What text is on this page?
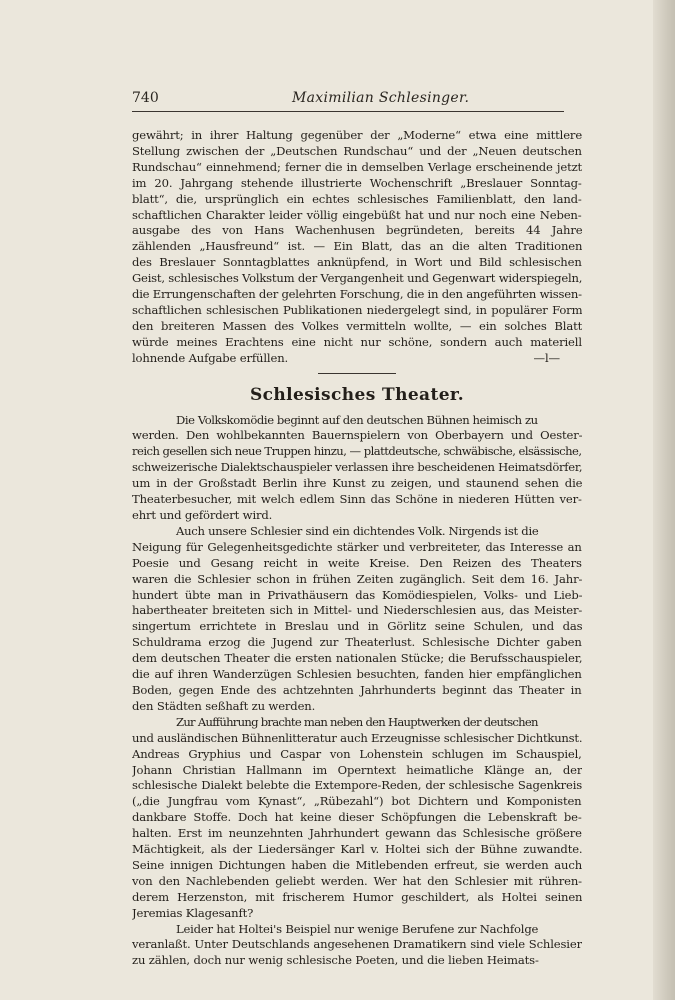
740	Maximilian Schlesinger.
gewährt; in ihrer Haltung gegenüber der „Moderne“ etwa eine mittlere
Stellung zwischen der „Deutschen Rundschau“ und der „Neuen deutschen
Rundschau“ einnehmend; ferner die in demselben Verlage erscheinende jetzt
im 20. Jahrgang stehende illustrierte Wochenschrift „Breslauer Sonntag-
blatt“, die, ursprünglich ein echtes schlesisches Familienblatt, den land-
schaftlichen Charakter leider völlig eingebüßt hat und nur noch eine Neben-
ausgabe des von Hans Wachenhusen begründeten, bereits 44 Jahre
zählenden „Hausfreund“ ist. — Ein Blatt, das an die alten Traditionen
des Breslauer Sonntagblattes anknüpfend, in Wort und Bild schlesischen
Geist, schlesisches Volkstum der Vergangenheit und Gegenwart widerspiegeln,
die Errungenschaften der gelehrten Forschung, die in den angeführten wissen-
schaftlichen schlesischen Publikationen niedergelegt sind, in populärer Form
den breiteren Massen des Volkes vermitteln wollte, — ein solches Blatt
würde meines Erachtens eine nicht nur schöne, sondern auch materiell
lohnende Aufgabe erfüllen.	—l—
Schlesisches Theater.

Die Volkskomödie beginnt auf den deutschen Bühnen heimisch zu
werden. Den wohlbekannten Bauernspielern von Oberbayern und Oester-
reich gesellen sich neue Truppen hinzu, — plattdeutsche, schwäbische, elsässische,
schweizerische Dialektschauspieler verlassen ihre bescheidenen Heimatsdörfer,
um in der Großstadt Berlin ihre Kunst zu zeigen, und staunend sehen die
Theaterbesucher, mit welch edlem Sinn das Schöne in niederen Hütten ver-
ehrt und gefördert wird.

Auch unsere Schlesier sind ein dichtendes Volk. Nirgends ist die
Neigung für Gelegenheitsgedichte stärker und verbreiteter, das Interesse an
Poesie und Gesang reicht in weite Kreise. Den Reizen des Theaters
waren die Schlesier schon in frühen Zeiten zugänglich. Seit dem 16. Jahr-
hundert übte man in Privathäusern das Komödiespielen, Volks- und Lieb-
habertheater breiteten sich in Mittel- und Niederschlesien aus, das Meister-
singertum errichtete in Breslau und in Görlitz seine Schulen, und das
Schuldrama erzog die Jugend zur Theaterlust. Schlesische Dichter gaben
dem deutschen Theater die ersten nationalen Stücke; die Berufsschauspieler,
die auf ihren Wanderzügen Schlesien besuchten, fanden hier empfänglichen
Boden, gegen Ende des achtzehnten Jahrhunderts beginnt das Theater in
den Städten seßhaft zu werden.

Zur Aufführung brachte man neben den Hauptwerken der deutschen
und ausländischen Bühnenlitteratur auch Erzeugnisse schlesischer Dichtkunst.
Andreas Gryphius und Caspar von Lohenstein schlugen im Schauspiel,
Johann Christian Hallmann im Operntext heimatliche Klänge an, der
schlesische Dialekt belebte die Extempore-Reden, der schlesische Sagenkreis
(„die Jungfrau vom Kynast“, „Rübezahl“) bot Dichtern und Komponisten
dankbare Stoffe. Doch hat keine dieser Schöpfungen die Lebenskraft be-
halten. Erst im neunzehnten Jahrhundert gewann das Schlesische größere
Mächtigkeit, als der Liedersänger Karl v. Holtei sich der Bühne zuwandte.
Seine innigen Dichtungen haben die Mitlebenden erfreut, sie werden auch
von den Nachlebenden geliebt werden. Wer hat den Schlesier mit rühren-
derem Herzenston, mit frischerem Humor geschildert, als Holtei seinen
Jeremias Klagesanft?

Leider hat Holtei's Beispiel nur wenige Berufene zur Nachfolge
veranlaßt. Unter Deutschlands angesehenen Dramatikern sind viele Schlesier
zu zählen, doch nur wenig schlesische Poeten, und die lieben Heimats-
